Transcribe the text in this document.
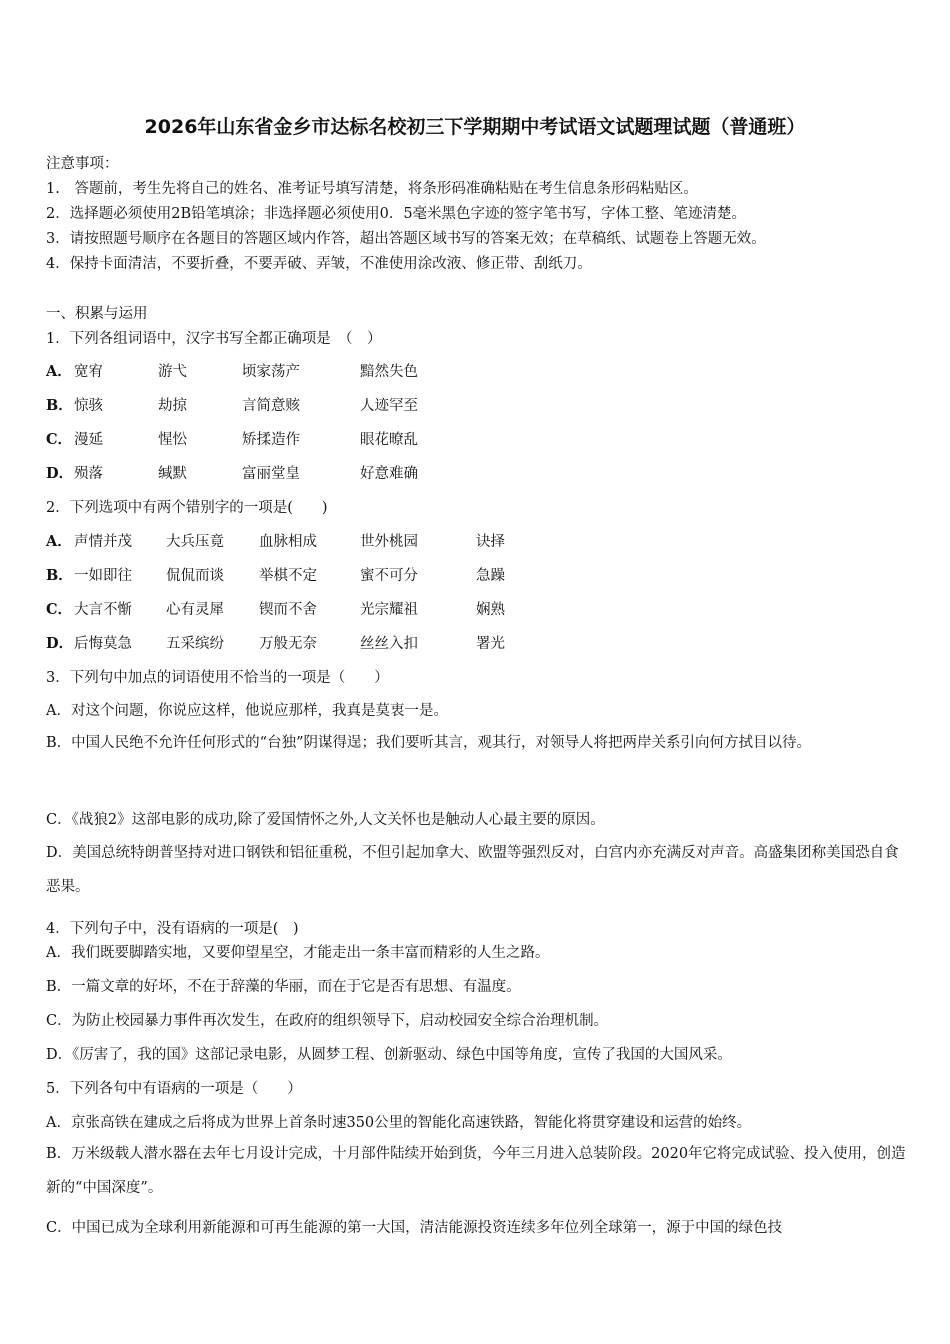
2026年山东省金乡市达标名校初三下学期期中考试语文试题理试题（普通班）
注意事项：
1.　答题前，考生先将自己的姓名、准考证号填写清楚，将条形码准确粘贴在考生信息条形码粘贴区。
2．选择题必须使用2B铅笔填涂；非选择题必须使用0．5毫米黑色字迹的签字笔书写，字体工整、笔迹清楚。
3．请按照题号顺序在各题目的答题区域内作答，超出答题区域书写的答案无效；在草稿纸、试题卷上答题无效。
4．保持卡面清洁，不要折叠，不要弄破、弄皱，不准使用涂改液、修正带、刮纸刀。
一、积累与运用
1．下列各组词语中，汉字书写全都正确项是　（　）
A． 宽宥	游弋	顷家荡产	黯然失色
B． 惊骇	劫掠	言简意赅	人迹罕至
C． 漫延	惺忪	矫揉造作	眼花暸乱
D． 殒落	缄默	富丽堂皇	好意难确
2．下列选项中有两个错别字的一项是(　　)
A． 声情并茂 大兵压竟 血脉相成	世外桃园	诀择
B． 一如即往 侃侃而谈 举棋不定	蜜不可分	急躁
C． 大言不惭 心有灵犀 锲而不舍	光宗耀祖	娴熟
D． 后悔莫急 五采缤纷 万般无奈	丝丝入扣	署光
3．下列句中加点的词语使用不恰当的一项是（　　）
A．对这个问题，你说应这样，他说应那样，我真是莫衷一是。
B．中国人民绝不允许任何形式的“台独”阴谋得逞；我们要听其言，观其行，对领导人将把两岸关系引向何方拭目以待。
C．《战狼2》这部电影的成功,除了爱国情怀之外,人文关怀也是触动人心最主要的原因。
D．美国总统特朗普坚持对进口钢铁和铝征重税，不但引起加拿大、欧盟等强烈反对，白宫内亦充满反对声音。高盛集团称美国恐自食恶果。
4．下列句子中，没有语病的一项是(　)
A．我们既要脚踏实地，又要仰望星空，才能走出一条丰富而精彩的人生之路。
B．一篇文章的好坏，不在于辞藻的华丽，而在于它是否有思想、有温度。
C．为防止校园暴力事件再次发生，在政府的组织领导下，启动校园安全综合治理机制。
D．《厉害了，我的国》这部记录电影，从圆梦工程、创新驱动、绿色中国等角度，宣传了我国的大国风采。
5．下列各句中有语病的一项是（　　）
A．京张高铁在建成之后将成为世界上首条时速350公里的智能化高速铁路，智能化将贯穿建设和运营的始终。
B．万米级载人潜水器在去年七月设计完成，十月部件陆续开始到货，今年三月进入总装阶段。2020年它将完成试验、投入使用，创造新的“中国深度”。
C．中国已成为全球利用新能源和可再生能源的第一大国，清洁能源投资连续多年位列全球第一，源于中国的绿色技
